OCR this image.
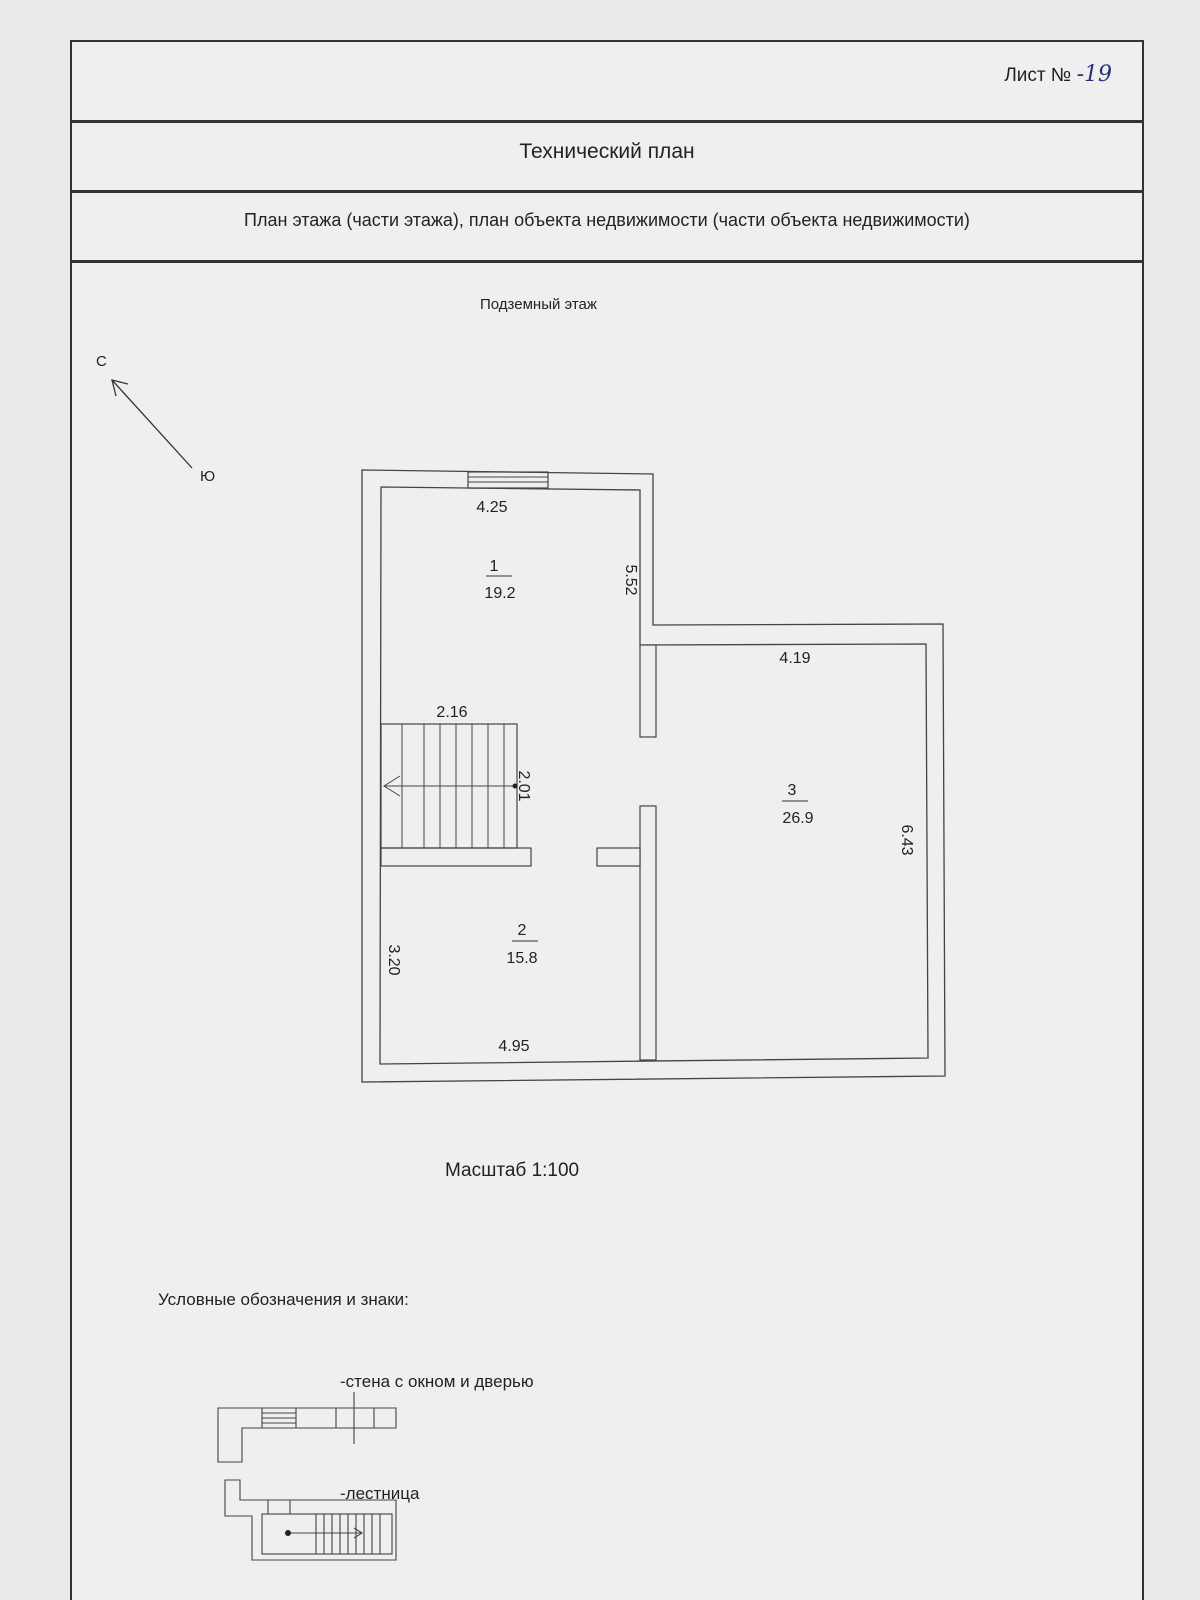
Лист № -19
Технический план
План этажа (части этажа), план объекта недвижимости (части объекта недвижимости)
Подземный этаж
С
Ю
1
19.2
2
15.8
3
26.9
4.25
5.52
4.19
6.43
2.16
2.01
3.20
4.95
Масштаб 1:100
Условные обозначения и знаки:
-стена с окном и дверью
-лестница
